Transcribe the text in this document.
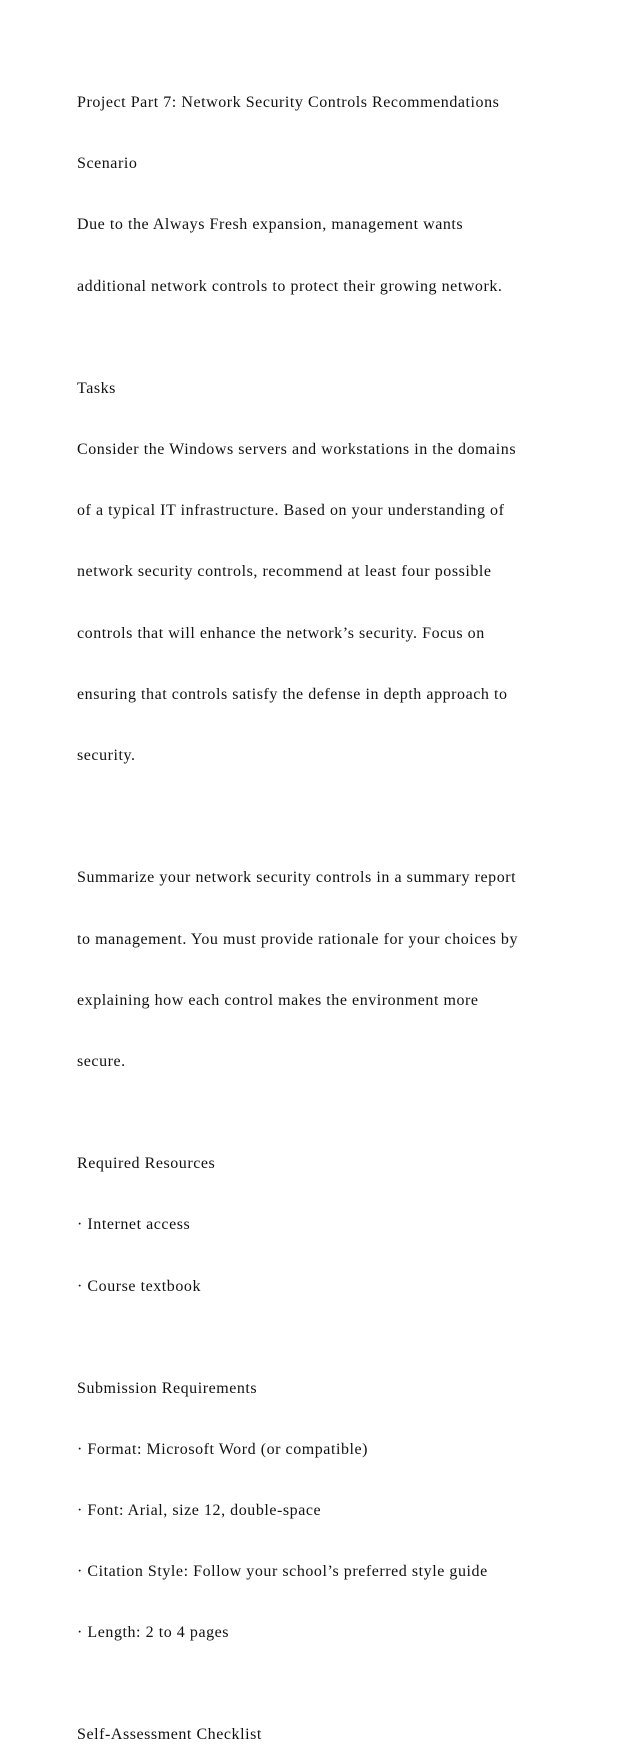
Project Part 7: Network Security Controls Recommendations

Scenario

Due to the Always Fresh expansion, management wants

additional network controls to protect their growing network.

Tasks

Consider the Windows servers and workstations in the domains

of a typical IT infrastructure. Based on your understanding of

network security controls, recommend at least four possible

controls that will enhance the network’s security. Focus on

ensuring that controls satisfy the defense in depth approach to

security.

Summarize your network security controls in a summary report

to management. You must provide rationale for your choices by

explaining how each control makes the environment more

secure.

Required Resources

· Internet access

· Course textbook

Submission Requirements

· Format: Microsoft Word (or compatible)

· Font: Arial, size 12, double-space

· Citation Style: Follow your school’s preferred style guide

· Length: 2 to 4 pages

Self-Assessment Checklist
